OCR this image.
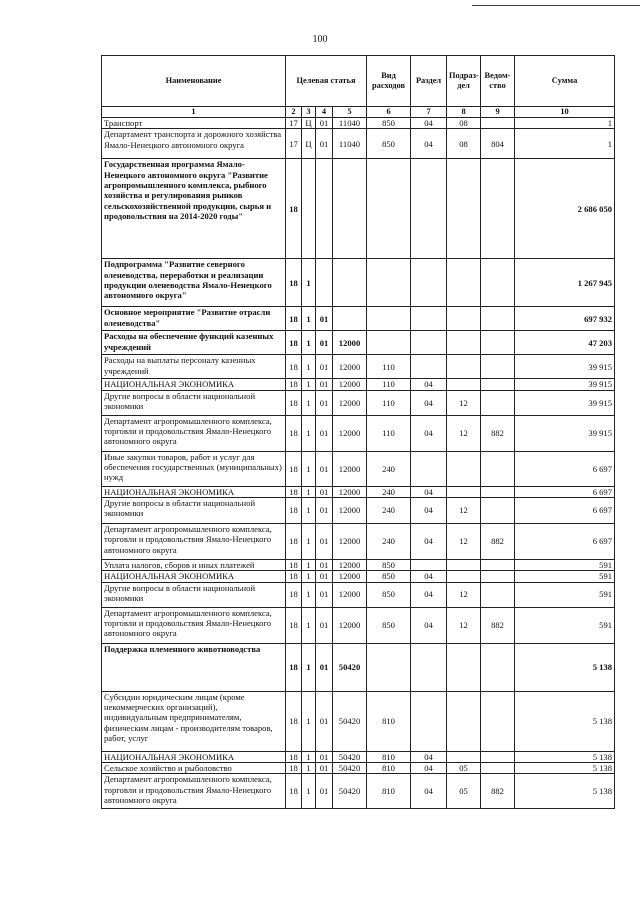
100
Наименование	Целевая статья				Вид расходов	Раздел	Подраз-дел	Ведом-ство	Сумма
1	2	3	4	5	6	7	8	9	10
Транспорт	17	Ц	01	11040	850	04	08		1
Департамент транспорта и дорожного хозяйства Ямало-Ненецкого автономного округа	17	Ц	01	11040	850	04	08	804	1
Государственная программа Ямало-Ненецкого автономного округа "Развитие агропромышленного комплекса, рыбного хозяйства и регулирования рынков сельскохозяйственной продукции, сырья и продовольствия на 2014-2020 годы"	18								2 686 050
Подпрограмма "Развитие северного оленеводства, переработки и реализации продукции оленеводства Ямало-Ненецкого автономного округа"	18	1							1 267 945
Основное мероприятие "Развитие отрасли оленеводства"	18	1	01						697 932
Расходы на обеспечение функций казенных учреждений	18	1	01	12000					47 203
Расходы на выплаты персоналу казенных учреждений	18	1	01	12000	110				39 915
НАЦИОНАЛЬНАЯ ЭКОНОМИКА	18	1	01	12000	110	04			39 915
Другие вопросы в области национальной экономики	18	1	01	12000	110	04	12		39 915
Департамент агропромышленного комплекса, торговли и продовольствия Ямало-Ненецкого автономного округа	18	1	01	12000	110	04	12	882	39 915
Иные закупки товаров, работ и услуг для обеспечения государственных (муниципальных) нужд	18	1	01	12000	240				6 697
НАЦИОНАЛЬНАЯ ЭКОНОМИКА	18	1	01	12000	240	04			6 697
Другие вопросы в области национальной экономики	18	1	01	12000	240	04	12		6 697
Департамент агропромышленного комплекса, торговли и продовольствия Ямало-Ненецкого автономного округа	18	1	01	12000	240	04	12	882	6 697
Уплата налогов, сборов и иных платежей	18	1	01	12000	850				591
НАЦИОНАЛЬНАЯ ЭКОНОМИКА	18	1	01	12000	850	04			591
Другие вопросы в области национальной экономики	18	1	01	12000	850	04	12		591
Департамент агропромышленного комплекса, торговли и продовольствия Ямало-Ненецкого автономного округа	18	1	01	12000	850	04	12	882	591
Поддержка племенного животноводства	18	1	01	50420					5 138
Субсидии юридическим лицам (кроме некоммерческих организаций), индивидуальным предпринимателям, физическим лицам - производителям товаров, работ, услуг	18	1	01	50420	810				5 138
НАЦИОНАЛЬНАЯ ЭКОНОМИКА	18	1	01	50420	810	04			5 138
Сельское хозяйство и рыболовство	18	1	01	50420	810	04	05		5 138
Департамент агропромышленного комплекса, торговли и продовольствия Ямало-Ненецкого автономного округа	18	1	01	50420	810	04	05	882	5 138
